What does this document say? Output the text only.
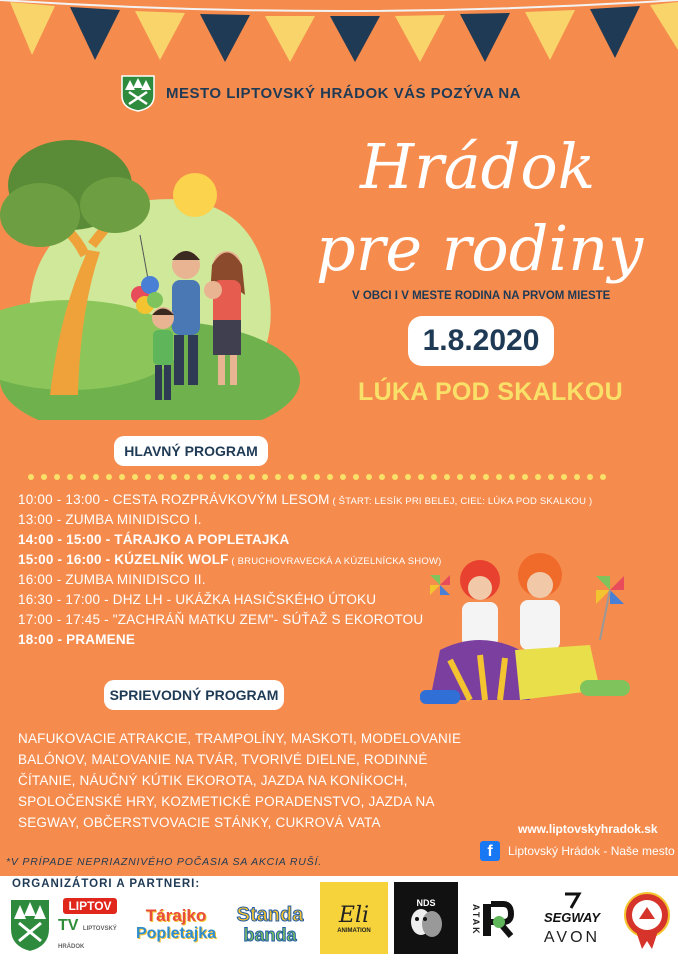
MESTO LIPTOVSKÝ HRÁDOK VÁS POZÝVA NA
Hrádok
pre rodiny
V OBCI I V MESTE RODINA NA PRVOM MIESTE
1.8.2020
LÚKA POD SKALKOU
HLAVNÝ PROGRAM
10:00 - 13:00 - CESTA ROZPRÁVKOVÝM LESOM ( ŠTART: LESÍK PRI BELEJ, CIEĽ: LÚKA POD SKALKOU )
13:00 - ZUMBA MINIDISCO I.
14:00 - 15:00 - TÁRAJKO A POPLETAJKA
15:00 - 16:00 - KÚZELNÍK WOLF ( BRUCHOVRAVECKÁ A KÚZELNÍCKA SHOW)
16:00 - ZUMBA MINIDISCO II.
16:30 - 17:00 - DHZ LH - UKÁŽKA HASIČSKÉHO ÚTOKU
17:00 - 17:45 - "ZACHRÁŇ MATKU ZEM"- SÚŤAŽ S EKOROTOU
18:00 - PRAMENE
SPRIEVODNÝ PROGRAM
NAFUKOVACIE ATRAKCIE, TRAMPOLÍNY, MASKOTI, MODELOVANIE BALÓNOV, MAĽOVANIE NA TVÁR, TVORIVÉ DIELNE, RODINNÉ ČÍTANIE, NÁUČNÝ KÚTIK EKOROTA, JAZDA NA KONÍKOCH, SPOLOČENSKÉ HRY, KOZMETICKÉ PORADENSTVO, JAZDA NA SEGWAY, OBČERSTVOVACIE STÁNKY, CUKROVÁ VATA	www.liptovskyhradok.sk
f	Liptovský Hrádok - Naše mesto
*V PRÍPADE NEPRIAZNIVÉHO POČASIA SA AKCIA RUŠÍ.
ORGANIZÁTORI A PARTNERI:
LIPTOV
TV LIPTOVSKÝ HRÁDOK
Tárajko
Popletajka
Standa
banda
Eli
ANIMATION
NDS
ATAK	SEGWAY
AVON
